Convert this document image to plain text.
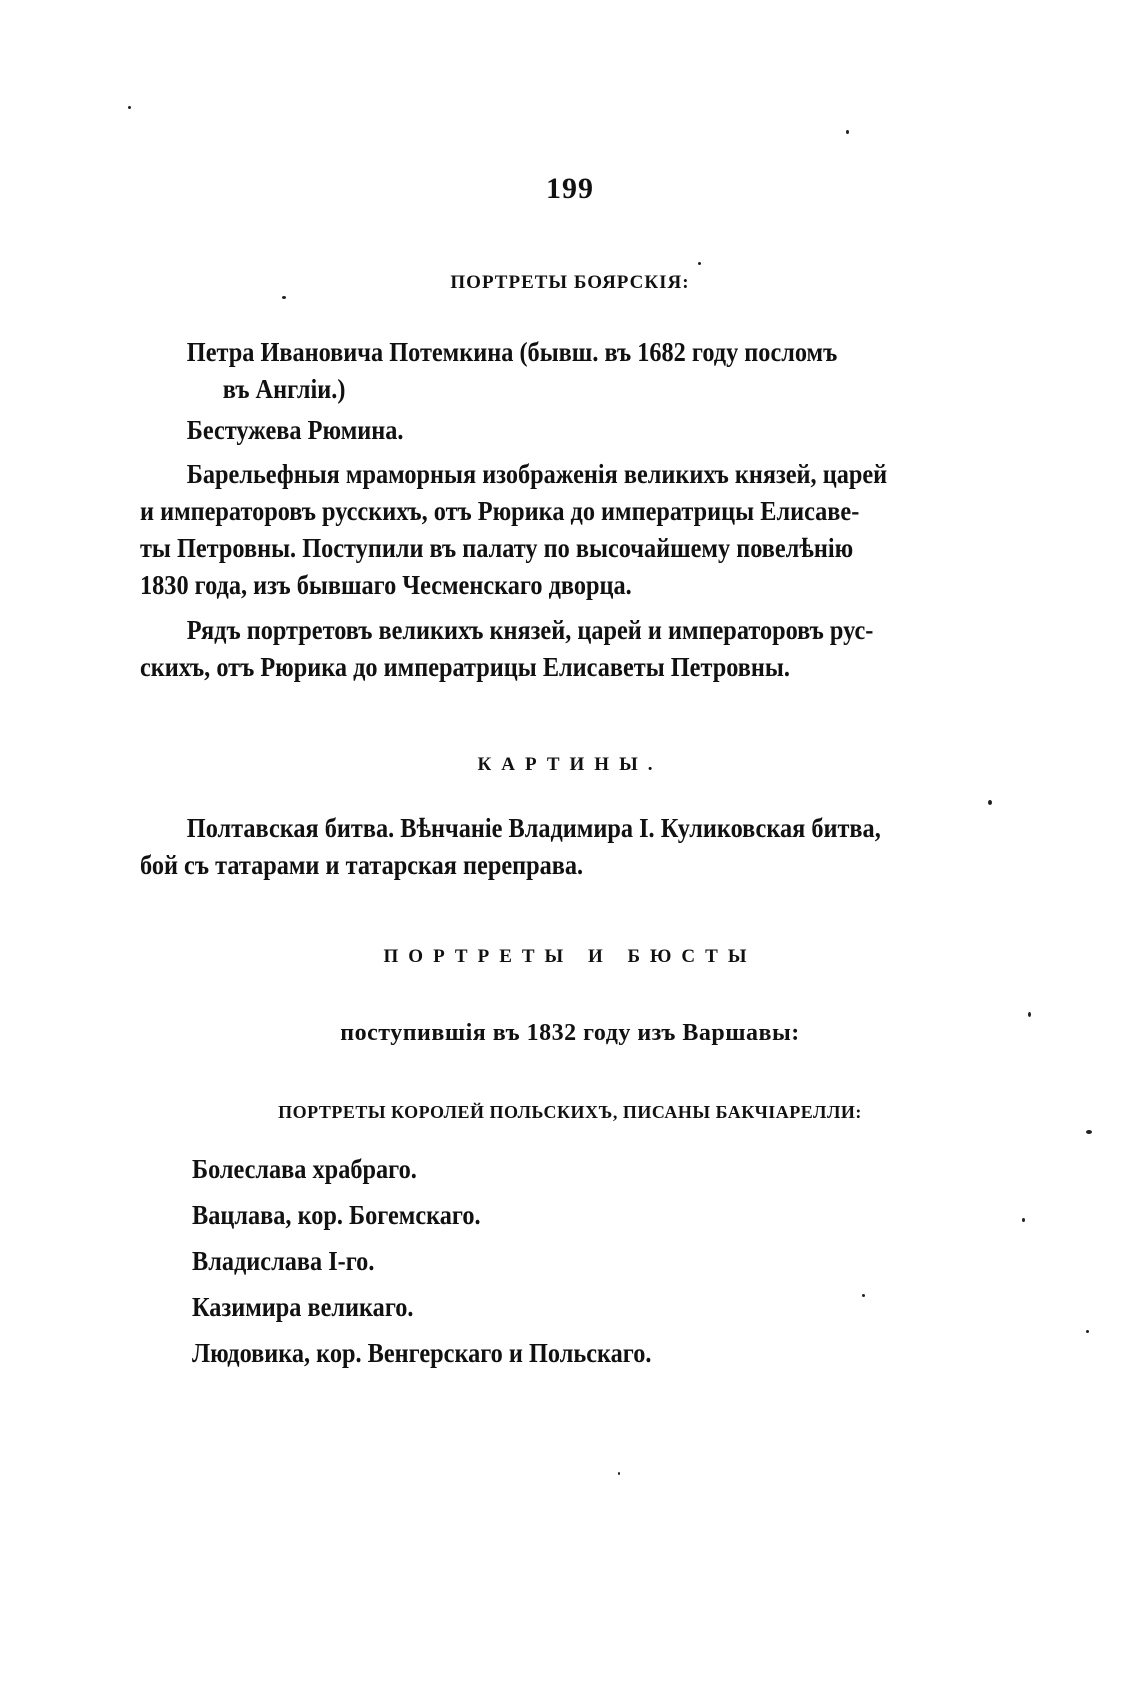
199
ПОРТРЕТЫ БОЯРСКІЯ:
Петра Ивановича Потемкина (бывш. въ 1682 году посломъ
въ Англіи.)
Бестужева Рюмина.
Барельефныя мраморныя изображенія великихъ князей, царей
и императоровъ русскихъ, отъ Рюрика до императрицы Елисаве-
ты Петровны. Поступили въ палату по высочайшему повелѣнію
1830 года, изъ бывшаго Чесменскаго дворца.
Рядъ портретовъ великихъ князей, царей и императоровъ рус-
скихъ, отъ Рюрика до императрицы Елисаветы Петровны.
КАРТИНЫ.
Полтавская битва. Вѣнчаніе Владимира I. Куликовская битва,
бой съ татарами и татарская переправа.
ПОРТРЕТЫ И БЮСТЫ
поступившія въ 1832 году изъ Варшавы:
ПОРТРЕТЫ КОРОЛЕЙ ПОЛЬСКИХЪ, ПИСАНЫ БАКЧІАРЕЛЛИ:
Болеслава храбраго.
Вацлава, кор. Богемскаго.
Владислава I-го.
Казимира великаго.
Людовика, кор. Венгерскаго и Польскаго.
